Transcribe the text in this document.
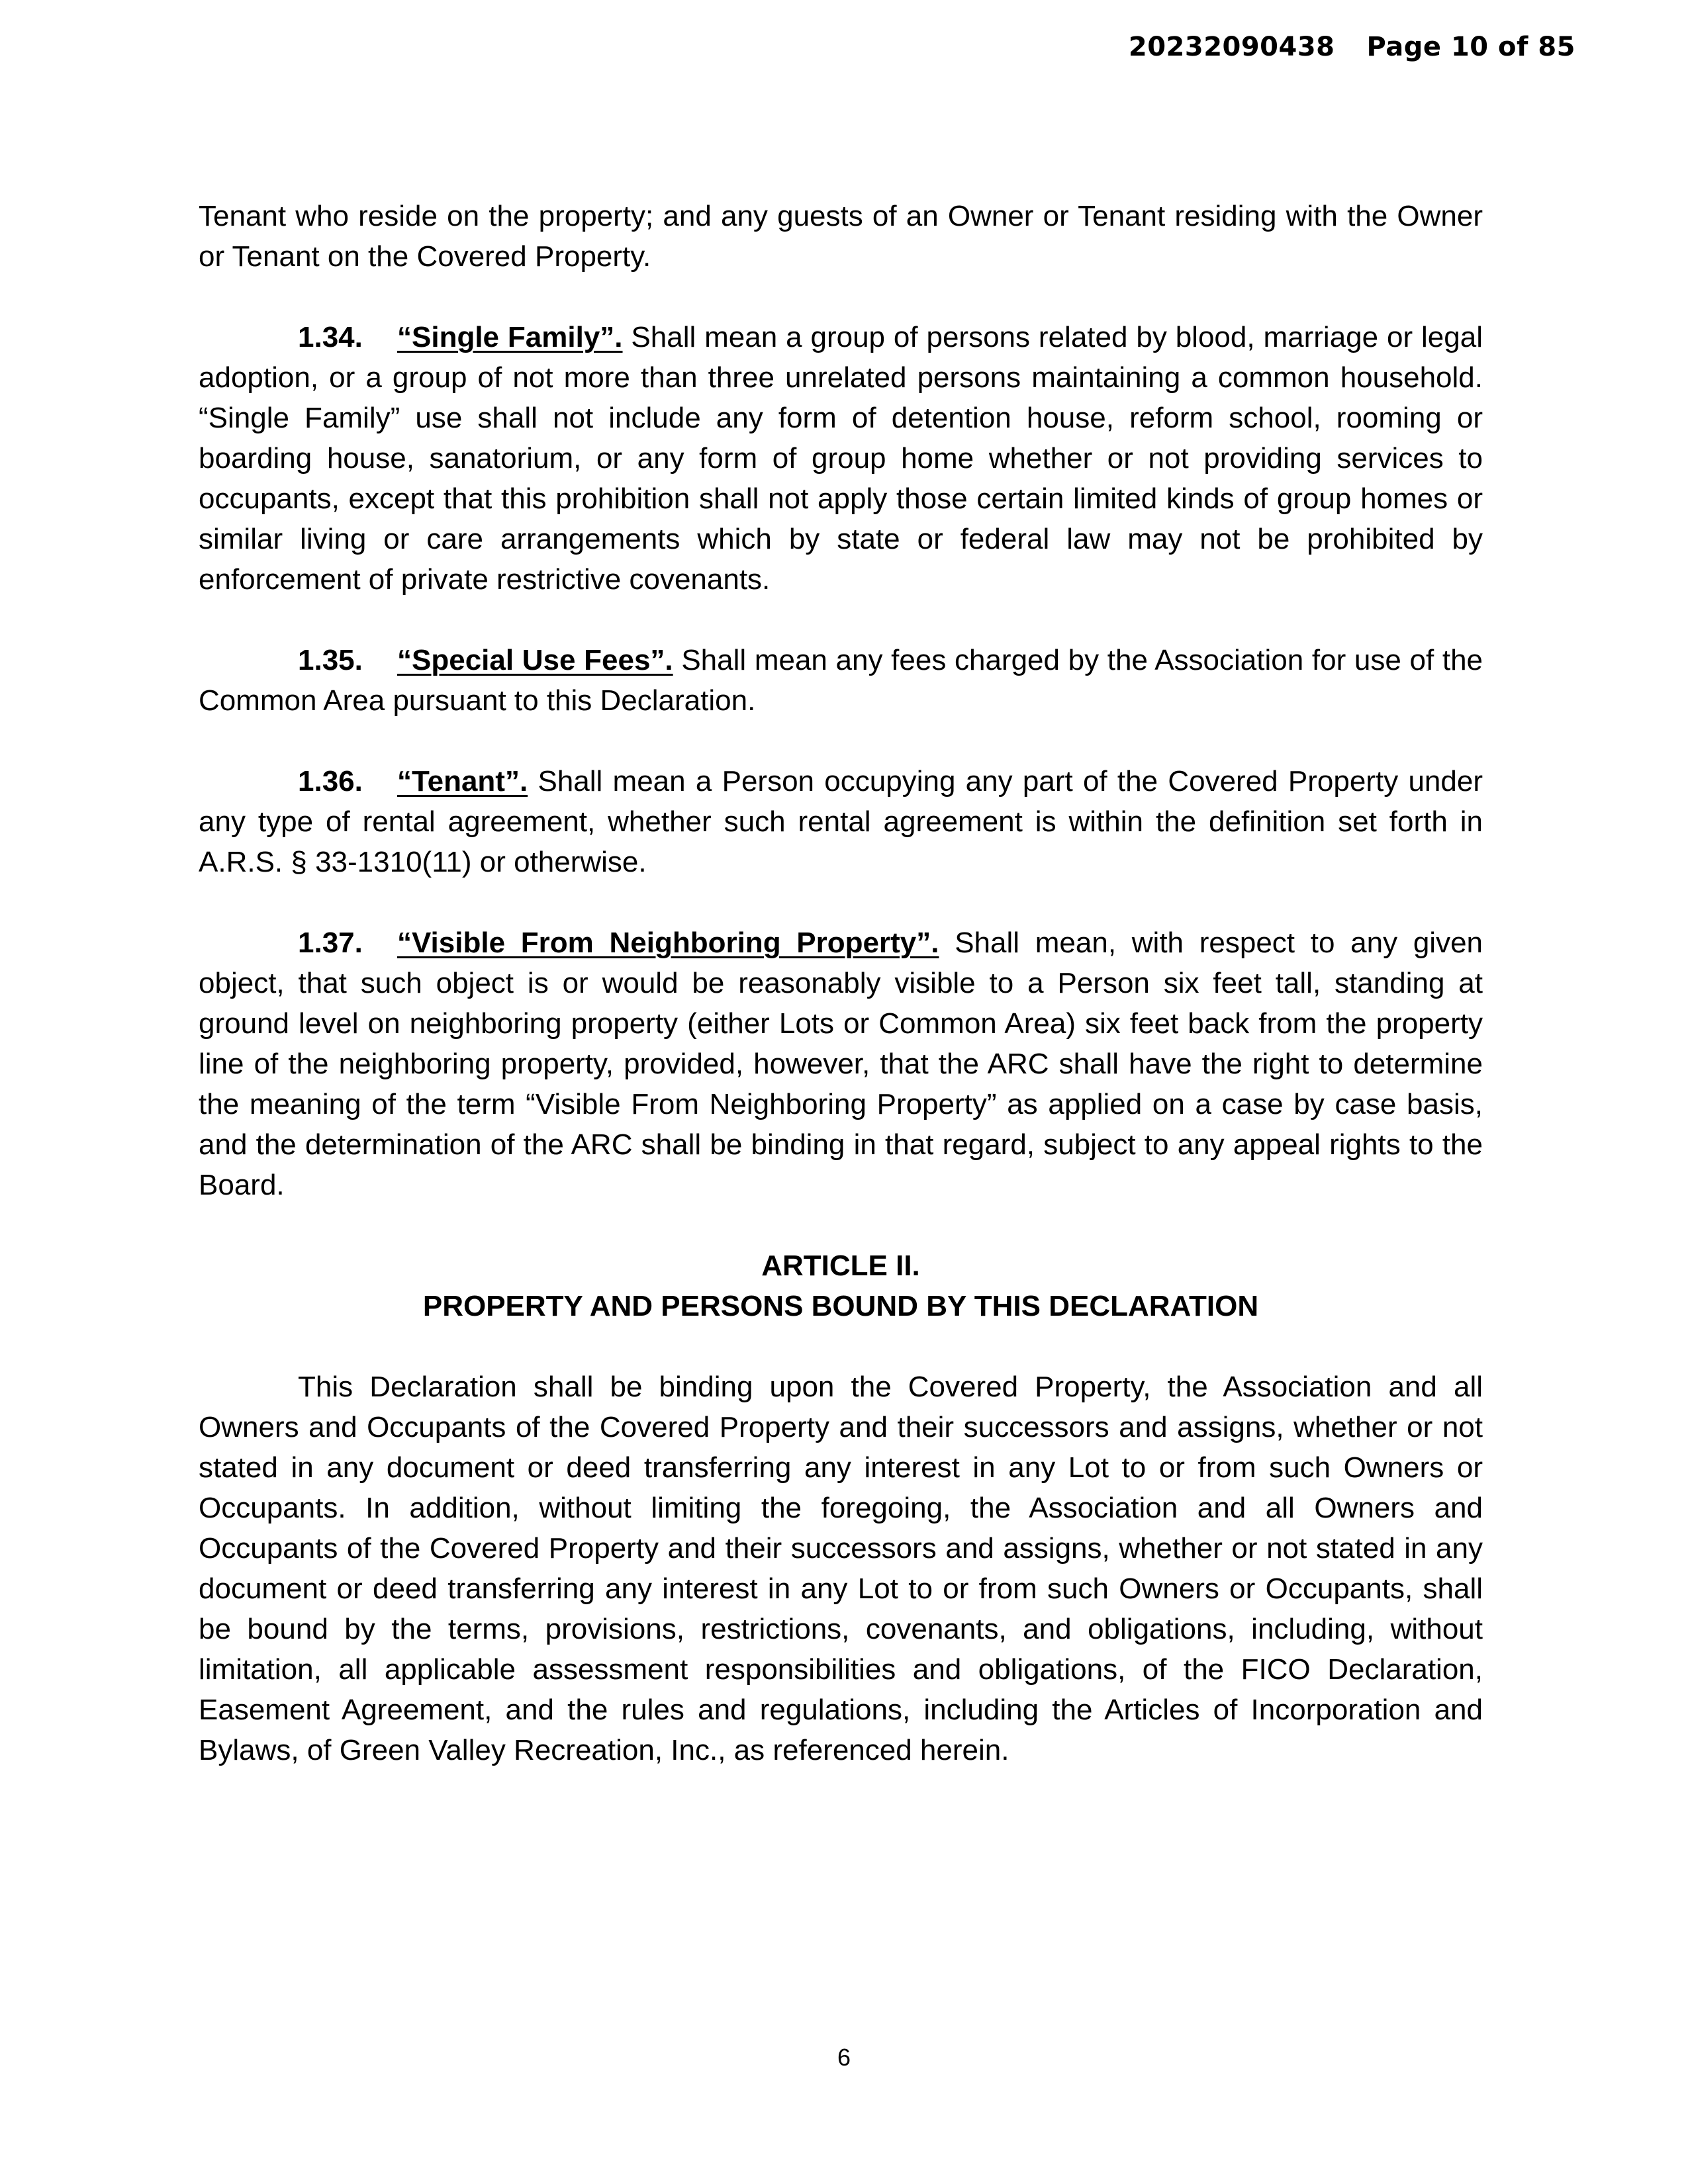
20232090438 Page 10 of 85

Tenant who reside on the property; and any guests of an Owner or Tenant residing with the Owner or Tenant on the Covered Property.

1.34. “Single Family”. Shall mean a group of persons related by blood, marriage or legal adoption, or a group of not more than three unrelated persons maintaining a common household. “Single Family” use shall not include any form of detention house, reform school, rooming or boarding house, sanatorium, or any form of group home whether or not providing services to occupants, except that this prohibition shall not apply those certain limited kinds of group homes or similar living or care arrangements which by state or federal law may not be prohibited by enforcement of private restrictive covenants.

1.35. “Special Use Fees”. Shall mean any fees charged by the Association for use of the Common Area pursuant to this Declaration.

1.36. “Tenant”. Shall mean a Person occupying any part of the Covered Property under any type of rental agreement, whether such rental agreement is within the definition set forth in A.R.S. § 33-1310(11) or otherwise.

1.37. “Visible From Neighboring Property”. Shall mean, with respect to any given object, that such object is or would be reasonably visible to a Person six feet tall, standing at ground level on neighboring property (either Lots or Common Area) six feet back from the property line of the neighboring property, provided, however, that the ARC shall have the right to determine the meaning of the term “Visible From Neighboring Property” as applied on a case by case basis, and the determination of the ARC shall be binding in that regard, subject to any appeal rights to the Board.

ARTICLE II.
PROPERTY AND PERSONS BOUND BY THIS DECLARATION

This Declaration shall be binding upon the Covered Property, the Association and all Owners and Occupants of the Covered Property and their successors and assigns, whether or not stated in any document or deed transferring any interest in any Lot to or from such Owners or Occupants. In addition, without limiting the foregoing, the Association and all Owners and Occupants of the Covered Property and their successors and assigns, whether or not stated in any document or deed transferring any interest in any Lot to or from such Owners or Occupants, shall be bound by the terms, provisions, restrictions, covenants, and obligations, including, without limitation, all applicable assessment responsibilities and obligations, of the FICO Declaration, Easement Agreement, and the rules and regulations, including the Articles of Incorporation and Bylaws, of Green Valley Recreation, Inc., as referenced herein.

6
